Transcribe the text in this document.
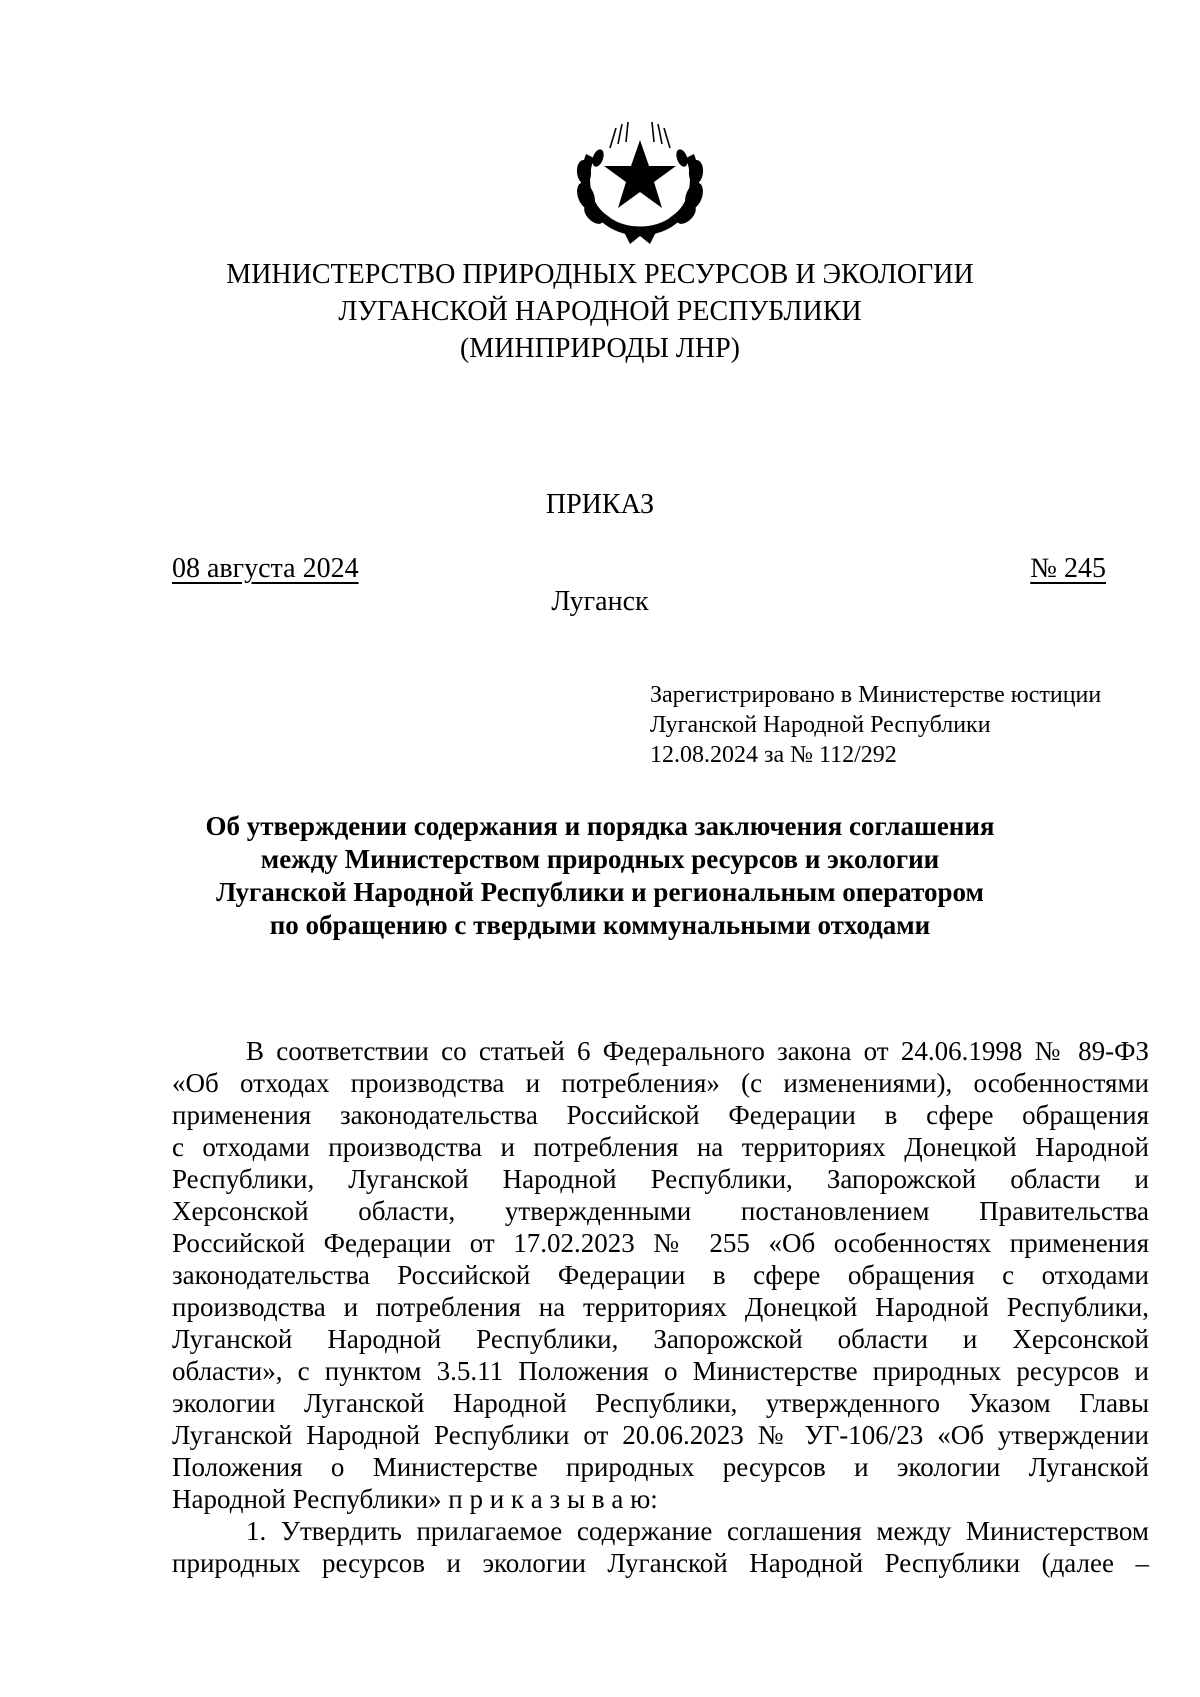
МИНИСТЕРСТВО ПРИРОДНЫХ РЕСУРСОВ И ЭКОЛОГИИ
ЛУГАНСКОЙ НАРОДНОЙ РЕСПУБЛИКИ
(МИНПРИРОДЫ ЛНР)
ПРИКАЗ
08 августа 2024	№ 245
Луганск
Зарегистрировано в Министерстве юстиции
Луганской Народной Республики
12.08.2024 за № 112/292
Об утверждении содержания и порядка заключения соглашения
между Министерством природных ресурсов и экологии
Луганской Народной Республики и региональным оператором
по обращению с твердыми коммунальными отходами
В соответствии со статьей 6 Федерального закона от 24.06.1998 № 89-ФЗ
«Об отходах производства и потребления» (с изменениями), особенностями
применения законодательства Российской Федерации в сфере обращения
с отходами производства и потребления на территориях Донецкой Народной
Республики, Луганской Народной Республики, Запорожской области и
Херсонской области, утвержденными постановлением Правительства
Российской Федерации от 17.02.2023 № 255 «Об особенностях применения
законодательства Российской Федерации в сфере обращения с отходами
производства и потребления на территориях Донецкой Народной Республики,
Луганской Народной Республики, Запорожской области и Херсонской
области», с пунктом 3.5.11 Положения о Министерстве природных ресурсов и
экологии Луганской Народной Республики, утвержденного Указом Главы
Луганской Народной Республики от 20.06.2023 № УГ-106/23 «Об утверждении
Положения о Министерстве природных ресурсов и экологии Луганской
Народной Республики» п р и к а з ы в а ю:
1. Утвердить прилагаемое содержание соглашения между Министерством
природных ресурсов и экологии Луганской Народной Республики (далее –
